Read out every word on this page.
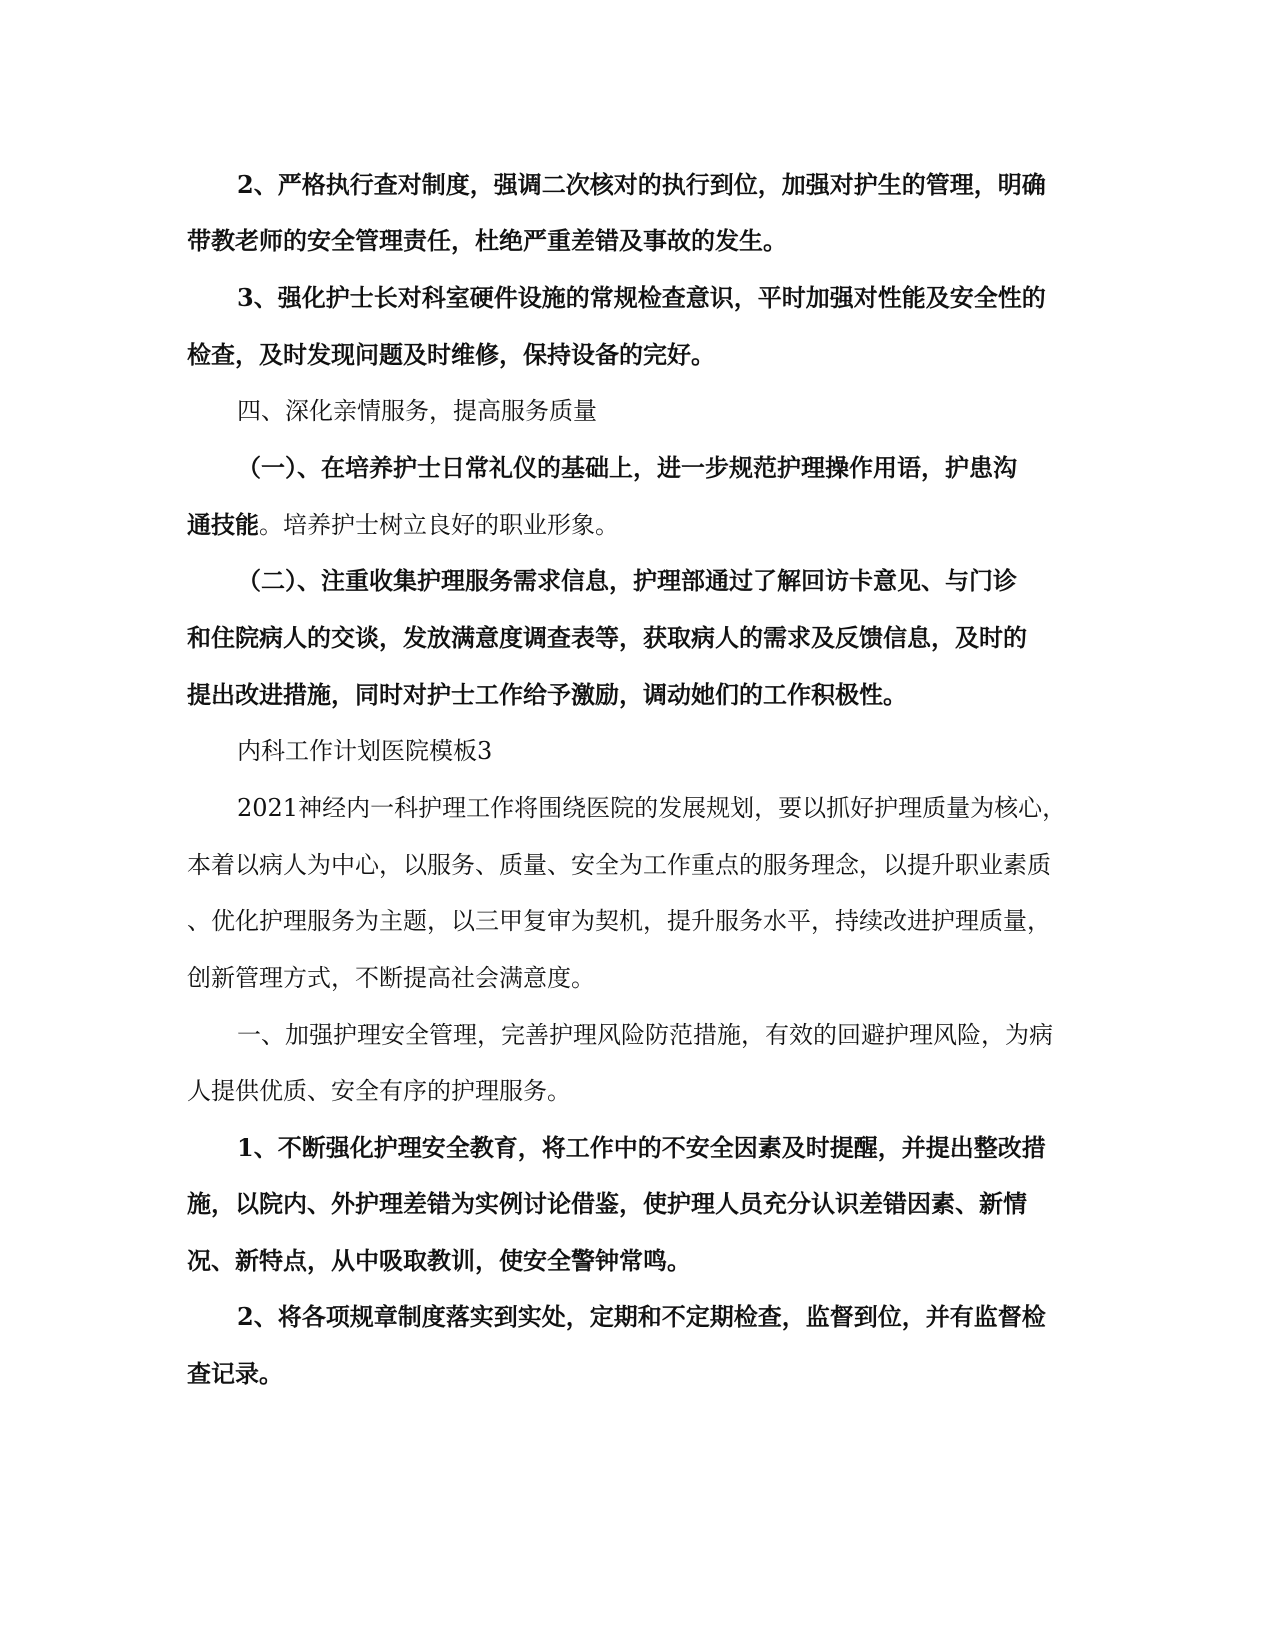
2、严格执行查对制度，强调二次核对的执行到位，加强对护生的管理，明确
带教老师的安全管理责任，杜绝严重差错及事故的发生。
3、强化护士长对科室硬件设施的常规检查意识，平时加强对性能及安全性的
检查，及时发现问题及时维修，保持设备的完好。
四、深化亲情服务，提高服务质量
（一）、在培养护士日常礼仪的基础上，进一步规范护理操作用语，护患沟
通技能。培养护士树立良好的职业形象。
（二）、注重收集护理服务需求信息，护理部通过了解回访卡意见、与门诊
和住院病人的交谈，发放满意度调查表等，获取病人的需求及反馈信息，及时的
提出改进措施，同时对护士工作给予激励，调动她们的工作积极性。
内科工作计划医院模板3
2021神经内一科护理工作将围绕医院的发展规划，要以抓好护理质量为核心，
本着以病人为中心，以服务、质量、安全为工作重点的服务理念，以提升职业素质
、优化护理服务为主题，以三甲复审为契机，提升服务水平，持续改进护理质量，
创新管理方式，不断提高社会满意度。
一、加强护理安全管理，完善护理风险防范措施，有效的回避护理风险，为病
人提供优质、安全有序的护理服务。
1、不断强化护理安全教育，将工作中的不安全因素及时提醒，并提出整改措
施，以院内、外护理差错为实例讨论借鉴，使护理人员充分认识差错因素、新情
况、新特点，从中吸取教训，使安全警钟常鸣。
2、将各项规章制度落实到实处，定期和不定期检查，监督到位，并有监督检
查记录。
